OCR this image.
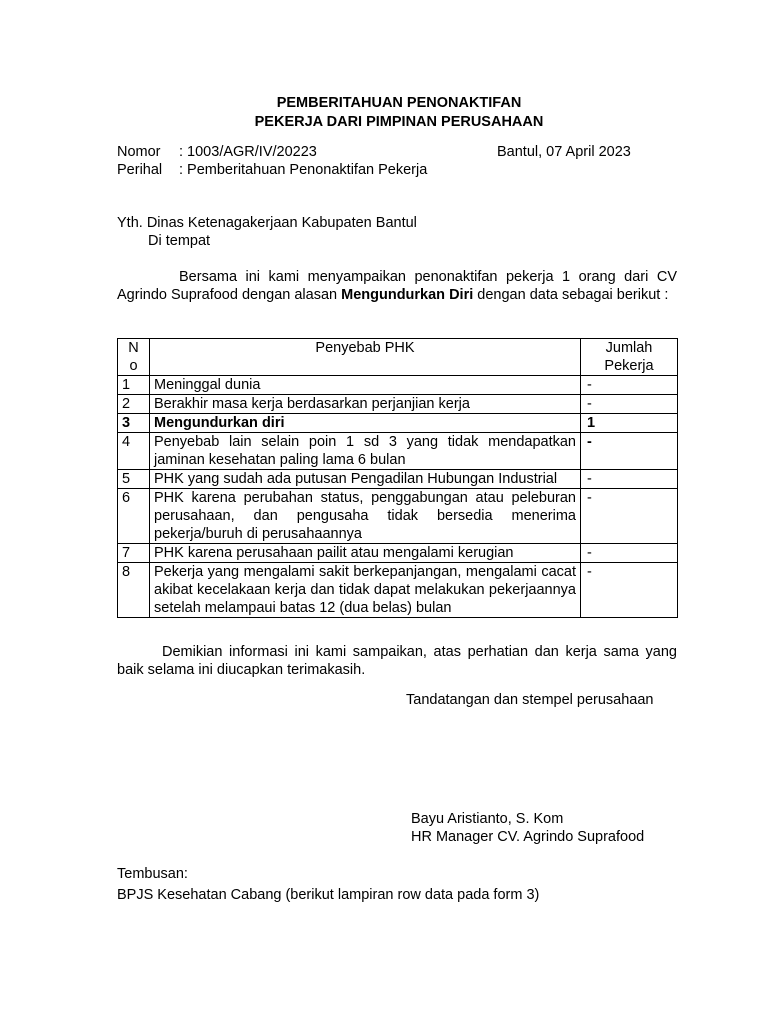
PEMBERITAHUAN PENONAKTIFAN
PEKERJA DARI PIMPINAN PERUSAHAAN
Nomor : 1003/AGR/IV/20223	Bantul, 07 April 2023
Perihal : Pemberitahuan Penonaktifan Pekerja
Yth. Dinas Ketenagakerjaan Kabupaten Bantul
Di tempat
Bersama ini kami menyampaikan penonaktifan pekerja 1 orang dari CV Agrindo Suprafood dengan alasan Mengundurkan Diri dengan data sebagai berikut :
N o	Penyebab PHK	Jumlah Pekerja
1	Meninggal dunia	-
2	Berakhir masa kerja berdasarkan perjanjian kerja	-
3	Mengundurkan diri	1
4	Penyebab lain selain poin 1 sd 3 yang tidak mendapatkan jaminan kesehatan paling lama 6 bulan	-
5	PHK yang sudah ada putusan Pengadilan Hubungan Industrial	-
6	PHK karena perubahan status, penggabungan atau peleburan perusahaan, dan pengusaha tidak bersedia menerima pekerja/buruh di perusahaannya	-
7	PHK karena perusahaan pailit atau mengalami kerugian	-
8	Pekerja yang mengalami sakit berkepanjangan, mengalami cacat akibat kecelakaan kerja dan tidak dapat melakukan pekerjaannya setelah melampaui batas 12 (dua belas) bulan	-
Demikian informasi ini kami sampaikan, atas perhatian dan kerja sama yang baik selama ini diucapkan terimakasih.
Tandatangan dan stempel perusahaan
Bayu Aristianto, S. Kom
HR Manager CV. Agrindo Suprafood
Tembusan:
BPJS Kesehatan Cabang (berikut lampiran row data pada form 3)
